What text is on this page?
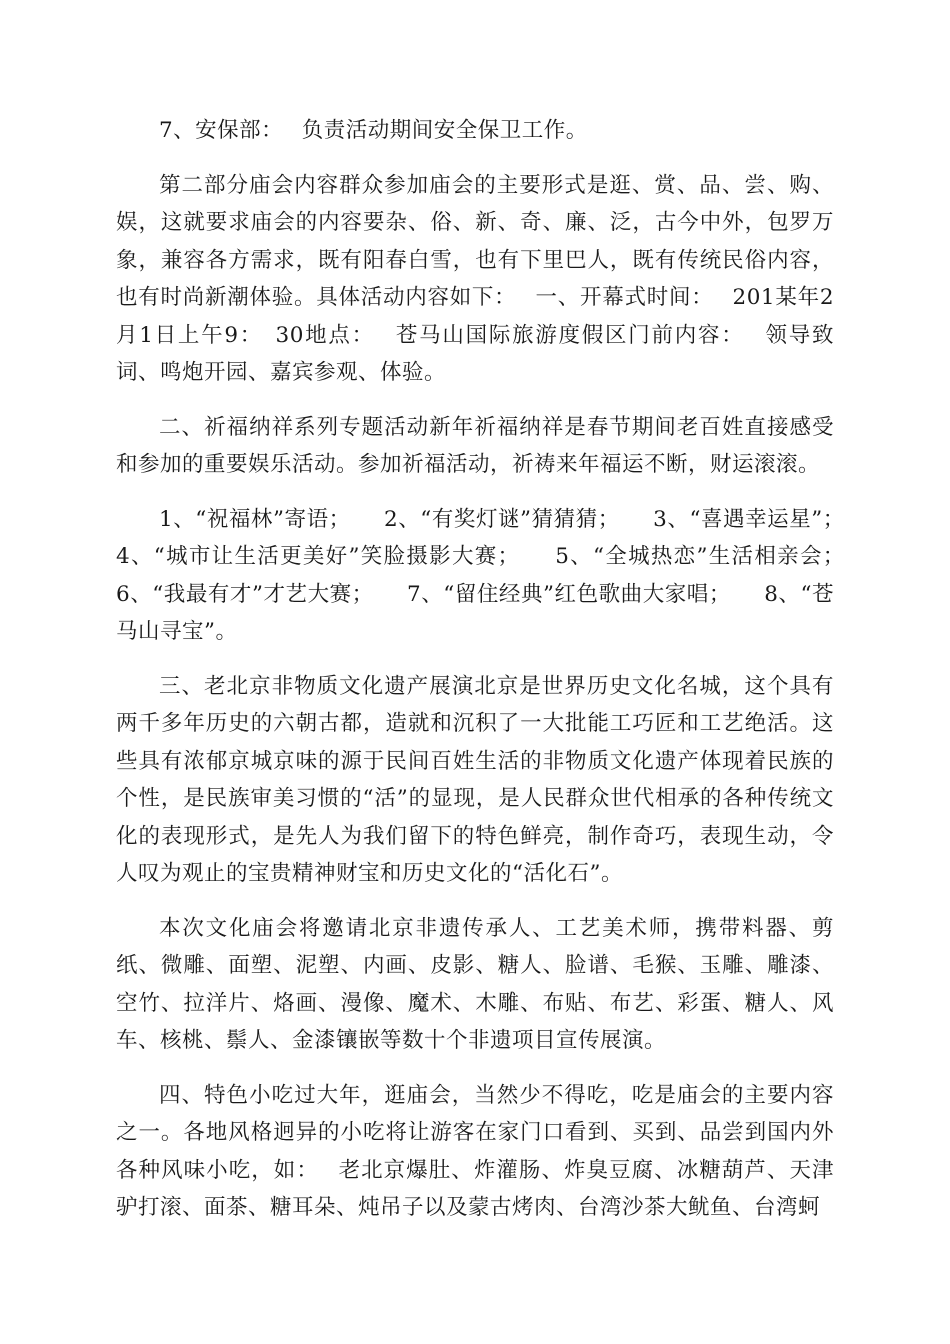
7、安保部：　 负责活动期间安全保卫工作。

第二部分庙会内容群众参加庙会的主要形式是逛、赏、品、尝、购、娱，这就要求庙会的内容要杂、俗、新、奇、廉、泛，古今中外，包罗万象，兼容各方需求，既有阳春白雪，也有下里巴人，既有传统民俗内容，也有时尚新潮体验。具体活动内容如下：　 一、开幕式时间：　 201某年2月1日上午9：　30地点：　 苍马山国际旅游度假区门前内容：　 领导致词、鸣炮开园、嘉宾参观、体验。

二、祈福纳祥系列专题活动新年祈福纳祥是春节期间老百姓直接感受和参加的重要娱乐活动。参加祈福活动，祈祷来年福运不断，财运滚滚。

1、“祝福林”寄语；　　2、“有奖灯谜”猜猜猜；　　3、“喜遇幸运星”；　　4、“城市让生活更美好”笑脸摄影大赛；　　5、“全城热恋”生活相亲会；　　6、“我最有才”才艺大赛；　　7、“留住经典”红色歌曲大家唱；　　8、“苍马山寻宝”。

三、老北京非物质文化遗产展演北京是世界历史文化名城，这个具有两千多年历史的六朝古都，造就和沉积了一大批能工巧匠和工艺绝活。这些具有浓郁京城京味的源于民间百姓生活的非物质文化遗产体现着民族的个性，是民族审美习惯的“活”的显现，是人民群众世代相承的各种传统文化的表现形式，是先人为我们留下的特色鲜亮，制作奇巧，表现生动，令人叹为观止的宝贵精神财宝和历史文化的“活化石”。

本次文化庙会将邀请北京非遗传承人、工艺美术师，携带料器、剪纸、微雕、面塑、泥塑、内画、皮影、糖人、脸谱、毛猴、玉雕、雕漆、空竹、拉洋片、烙画、漫像、魔术、木雕、布贴、布艺、彩蛋、糖人、风车、核桃、鬃人、金漆镶嵌等数十个非遗项目宣传展演。

四、特色小吃过大年，逛庙会，当然少不得吃，吃是庙会的主要内容之一。各地风格迥异的小吃将让游客在家门口看到、买到、品尝到国内外各种风味小吃，如：　 老北京爆肚、炸灌肠、炸臭豆腐、冰糖葫芦、天津驴打滚、面茶、糖耳朵、炖吊子以及蒙古烤肉、台湾沙茶大鱿鱼、台湾蚵
